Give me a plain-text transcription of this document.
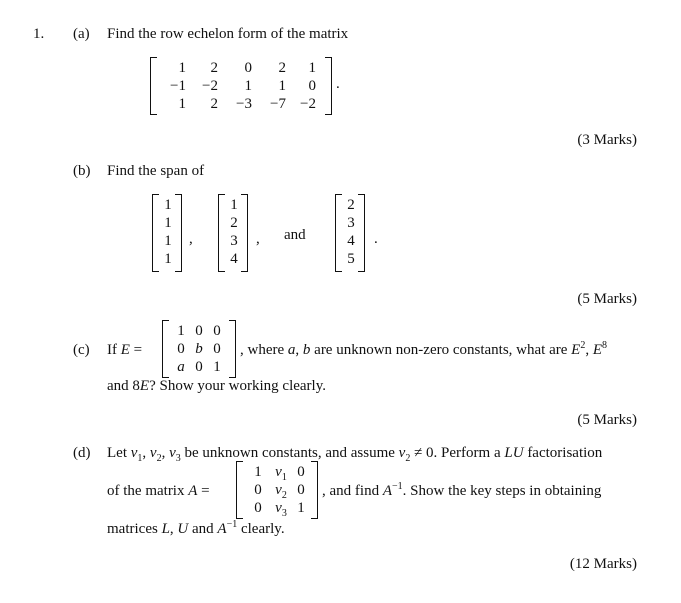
1. (a) Find the row echelon form of the matrix
1	2	0	2	1
−1	−2	1	1	0
1	2	−3	−7	−2
.
(3 Marks)
(b) Find the span of
1
1
1
1
,
1
2
3
4
, and
2
3
4
5
.
(5 Marks)
(c) If E =
1	0	0
0	b	0
a	0	1
, where a, b are unknown non-zero constants, what are $E^2$, $E^8$
and 8E? Show your working clearly.
(5 Marks)
(d) Let $v_1$, $v_2$, $v_3$ be unknown constants, and assume $v_2 \ne 0$. Perform a LU factorisation
of the matrix A =
1	$v_1$	0
0	$v_2$	0
0	$v_3$	1
, and find $A^{-1}$. Show the key steps in obtaining
matrices L, U and $A^{-1}$ clearly.
(12 Marks)
